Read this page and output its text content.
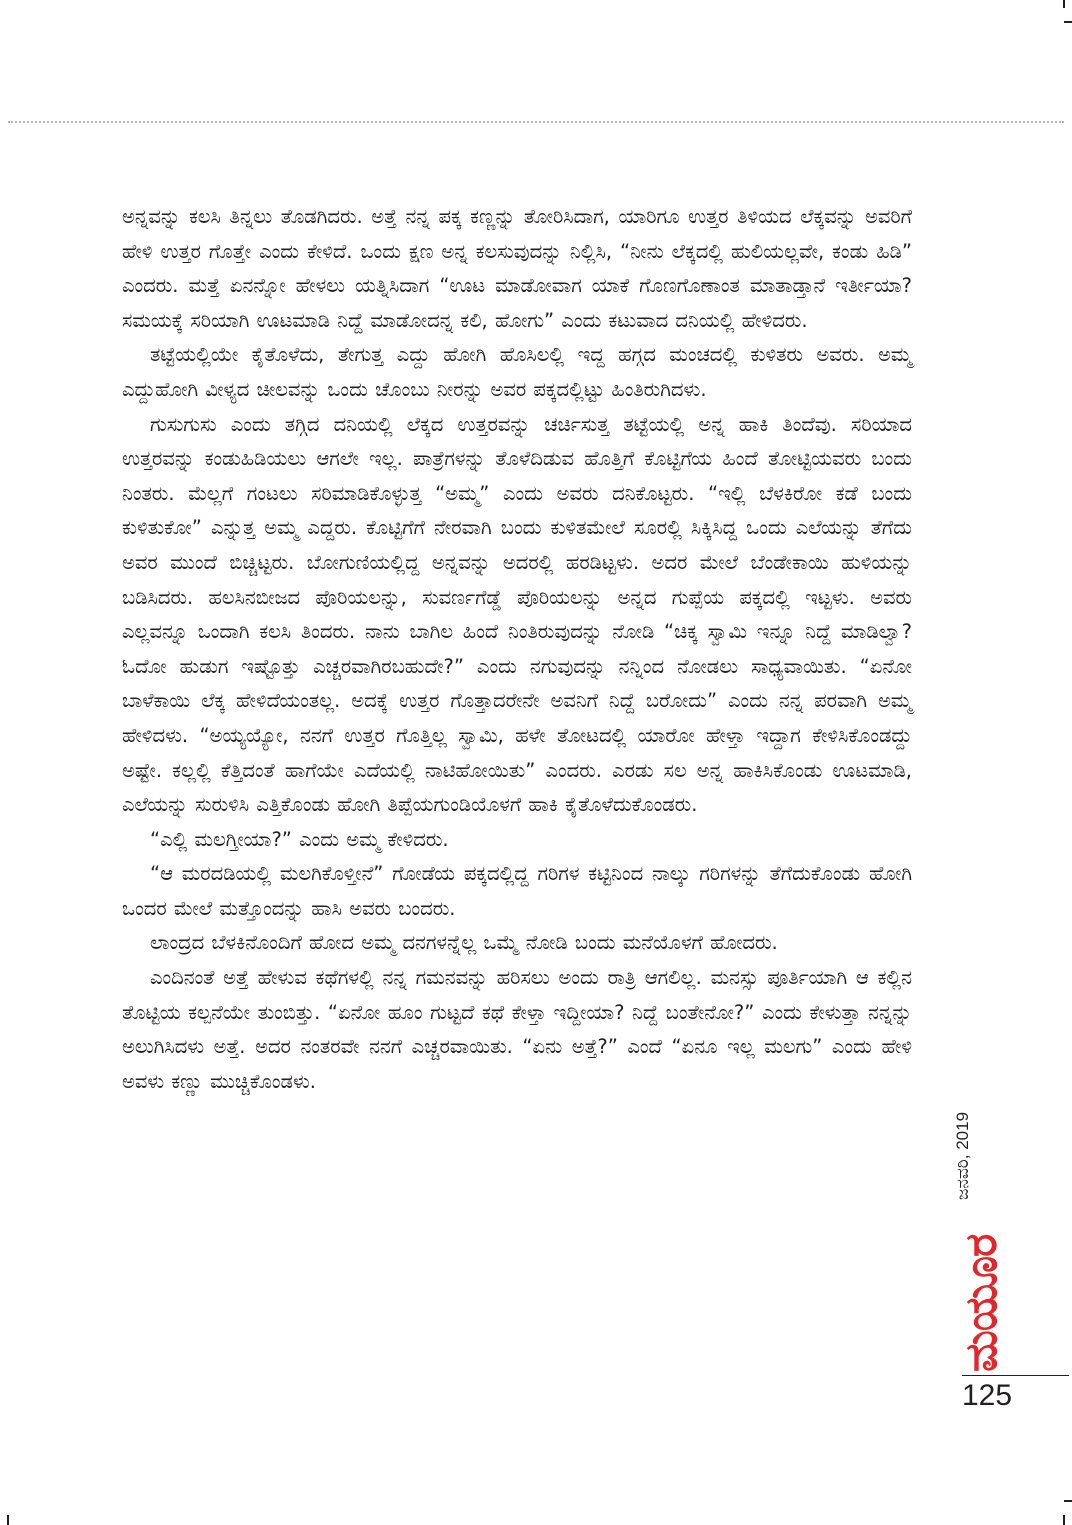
ಅನ್ನವನ್ನು ಕಲಸಿ ತಿನ್ನಲು ತೊಡಗಿದರು. ಅತ್ತೆ ನನ್ನ ಪಕ್ಕ ಕಣ್ಣನ್ನು ತೋರಿಸಿದಾಗ, ಯಾರಿಗೂ ಉತ್ತರ ತಿಳಿಯದ ಲೆಕ್ಕವನ್ನು ಅವರಿಗೆ ಹೇಳಿ ಉತ್ತರ ಗೊತ್ತೇ ಎಂದು ಕೇಳಿದೆ. ಒಂದು ಕ್ಷಣ ಅನ್ನ ಕಲಸುವುದನ್ನು ನಿಲ್ಲಿಸಿ, “ನೀನು ಲೆಕ್ಕದಲ್ಲಿ ಹುಲಿಯಲ್ಲವೇ, ಕಂಡು ಹಿಡಿ” ಎಂದರು. ಮತ್ತೆ ಏನನ್ನೋ ಹೇಳಲು ಯತ್ನಿಸಿದಾಗ “ಊಟ ಮಾಡೋವಾಗ ಯಾಕೆ ಗೊಣಗೊಣಾಂತ ಮಾತಾಡ್ತಾನೆ ಇರ್ತೀಯಾ? ಸಮಯಕ್ಕೆ ಸರಿಯಾಗಿ ಊಟಮಾಡಿ ನಿದ್ದೆ ಮಾಡೋದನ್ನ ಕಲಿ, ಹೋಗು” ಎಂದು ಕಟುವಾದ ದನಿಯಲ್ಲಿ ಹೇಳಿದರು.

ತಟ್ಟೆಯಲ್ಲಿಯೇ ಕೈತೊಳೆದು, ತೇಗುತ್ತ ಎದ್ದು ಹೋಗಿ ಹೊಸಿಲಲ್ಲಿ ಇದ್ದ ಹಗ್ಗದ ಮಂಚದಲ್ಲಿ ಕುಳಿತರು ಅವರು. ಅಮ್ಮ ಎದ್ದುಹೋಗಿ ವೀಳ್ಯದ ಚೀಲವನ್ನು ಒಂದು ಚೊಂಬು ನೀರನ್ನು ಅವರ ಪಕ್ಕದಲ್ಲಿಟ್ಟು ಹಿಂತಿರುಗಿದಳು.

ಗುಸುಗುಸು ಎಂದು ತಗ್ಗಿದ ದನಿಯಲ್ಲಿ ಲೆಕ್ಕದ ಉತ್ತರವನ್ನು ಚರ್ಚಿಸುತ್ತ ತಟ್ಟೆಯಲ್ಲಿ ಅನ್ನ ಹಾಕಿ ತಿಂದೆವು. ಸರಿಯಾದ ಉತ್ತರವನ್ನು ಕಂಡುಹಿಡಿಯಲು ಆಗಲೇ ಇಲ್ಲ. ಪಾತ್ರೆಗಳನ್ನು ತೊಳೆದಿಡುವ ಹೊತ್ತಿಗೆ ಕೊಟ್ಟಿಗೆಯ ಹಿಂದೆ ತೋಟ್ಟಿಯವರು ಬಂದು ನಿಂತರು. ಮೆಲ್ಲಗೆ ಗಂಟಲು ಸರಿಮಾಡಿಕೊಳ್ಳುತ್ತ “ಅಮ್ಮ” ಎಂದು ಅವರು ದನಿಕೊಟ್ಟರು. “ಇಲ್ಲಿ ಬೆಳಕಿರೋ ಕಡೆ ಬಂದು ಕುಳಿತುಕೋ” ಎನ್ನುತ್ತ ಅಮ್ಮ ಎದ್ದರು. ಕೊಟ್ಟಿಗೆಗೆ ನೇರವಾಗಿ ಬಂದು ಕುಳಿತಮೇಲೆ ಸೂರಲ್ಲಿ ಸಿಕ್ಕಿಸಿದ್ದ ಒಂದು ಎಲೆಯನ್ನು ತೆಗೆದು ಅವರ ಮುಂದೆ ಬಿಚ್ಚಿಟ್ಟರು. ಬೋಗುಣಿಯಲ್ಲಿದ್ದ ಅನ್ನವನ್ನು ಅದರಲ್ಲಿ ಹರಡಿಟ್ಟಳು. ಅದರ ಮೇಲೆ ಬೆಂಡೇಕಾಯಿ ಹುಳಿಯನ್ನು ಬಡಿಸಿದರು. ಹಲಸಿನಬೀಜದ ಪೊರಿಯಲನ್ನು, ಸುವರ್ಣಗೆಡ್ಡೆ ಪೊರಿಯಲನ್ನು ಅನ್ನದ ಗುಪ್ಪೆಯ ಪಕ್ಕದಲ್ಲಿ ಇಟ್ಟಳು. ಅವರು ಎಲ್ಲವನ್ನೂ ಒಂದಾಗಿ ಕಲಸಿ ತಿಂದರು. ನಾನು ಬಾಗಿಲ ಹಿಂದೆ ನಿಂತಿರುವುದನ್ನು ನೋಡಿ “ಚಿಕ್ಕ ಸ್ವಾಮಿ ಇನ್ನೂ ನಿದ್ದೆ ಮಾಡಿಲ್ವಾ? ಓದೋ ಹುಡುಗ ಇಷ್ಟೊತ್ತು ಎಚ್ಚರವಾಗಿರಬಹುದೇ?” ಎಂದು ನಗುವುದನ್ನು ನನ್ನಿಂದ ನೋಡಲು ಸಾಧ್ಯವಾಯಿತು. “ಏನೋ ಬಾಳೆಕಾಯಿ ಲೆಕ್ಕ ಹೇಳಿದೆಯಂತಲ್ಲ. ಅದಕ್ಕೆ ಉತ್ತರ ಗೊತ್ತಾದರೇನೇ ಅವನಿಗೆ ನಿದ್ದೆ ಬರೋದು” ಎಂದು ನನ್ನ ಪರವಾಗಿ ಅಮ್ಮ ಹೇಳಿದಳು. “ಅಯ್ಯಯ್ಯೋ, ನನಗೆ ಉತ್ತರ ಗೊತ್ತಿಲ್ಲ ಸ್ವಾಮಿ, ಹಳೇ ತೋಟದಲ್ಲಿ ಯಾರೋ ಹೇಳ್ತಾ ಇದ್ದಾಗ ಕೇಳಿಸಿಕೊಂಡದ್ದು ಅಷ್ಟೇ. ಕಲ್ಲಲ್ಲಿ ಕೆತ್ತಿದಂತೆ ಹಾಗೆಯೇ ಎದೆಯಲ್ಲಿ ನಾಟಿಹೋಯಿತು” ಎಂದರು. ಎರಡು ಸಲ ಅನ್ನ ಹಾಕಿಸಿಕೊಂಡು ಊಟಮಾಡಿ, ಎಲೆಯನ್ನು ಸುರುಳಿಸಿ ಎತ್ತಿಕೊಂಡು ಹೋಗಿ ತಿಪ್ಪೆಯಗುಂಡಿಯೊಳಗೆ ಹಾಕಿ ಕೈತೊಳೆದುಕೊಂಡರು.

“ಎಲ್ಲಿ ಮಲಗ್ತೀಯಾ?” ಎಂದು ಅಮ್ಮ ಕೇಳಿದರು.

“ಆ ಮರದಡಿಯಲ್ಲಿ ಮಲಗಿಕೊಳ್ತೀನೆ” ಗೋಡೆಯ ಪಕ್ಕದಲ್ಲಿದ್ದ ಗರಿಗಳ ಕಟ್ಟಿನಿಂದ ನಾಲ್ಕು ಗರಿಗಳನ್ನು ತೆಗೆದುಕೊಂಡು ಹೋಗಿ ಒಂದರ ಮೇಲೆ ಮತ್ತೊಂದನ್ನು ಹಾಸಿ ಅವರು ಬಂದರು.

ಲಾಂದ್ರದ ಬೆಳಕಿನೊಂದಿಗೆ ಹೋದ ಅಮ್ಮ ದನಗಳನ್ನೆಲ್ಲ ಒಮ್ಮೆ ನೋಡಿ ಬಂದು ಮನೆಯೊಳಗೆ ಹೋದರು.

ಎಂದಿನಂತೆ ಅತ್ತೆ ಹೇಳುವ ಕಥೆಗಳಲ್ಲಿ ನನ್ನ ಗಮನವನ್ನು ಹರಿಸಲು ಅಂದು ರಾತ್ರಿ ಆಗಲಿಲ್ಲ. ಮನಸ್ಸು ಪೂರ್ತಿಯಾಗಿ ಆ ಕಲ್ಲಿನ ತೊಟ್ಟಿಯ ಕಲ್ಪನೆಯೇ ತುಂಬಿತ್ತು. “ಏನೋ ಹೂಂ ಗುಟ್ಟದೆ ಕಥೆ ಕೇಳ್ತಾ ಇದ್ದೀಯಾ? ನಿದ್ದೆ ಬಂತೇನೋ?” ಎಂದು ಕೇಳುತ್ತಾ ನನ್ನನ್ನು ಅಲುಗಿಸಿದಳು ಅತ್ತೆ. ಅದರ ನಂತರವೇ ನನಗೆ ಎಚ್ಚರವಾಯಿತು. “ಏನು ಅತ್ತೆ?” ಎಂದೆ “ಏನೂ ಇಲ್ಲ ಮಲಗು” ಎಂದು ಹೇಳಿ ಅವಳು ಕಣ್ಣು ಮುಚ್ಚಿಕೊಂಡಳು.

ಜನವರಿ, 2019
ಮಯೂರ
125
